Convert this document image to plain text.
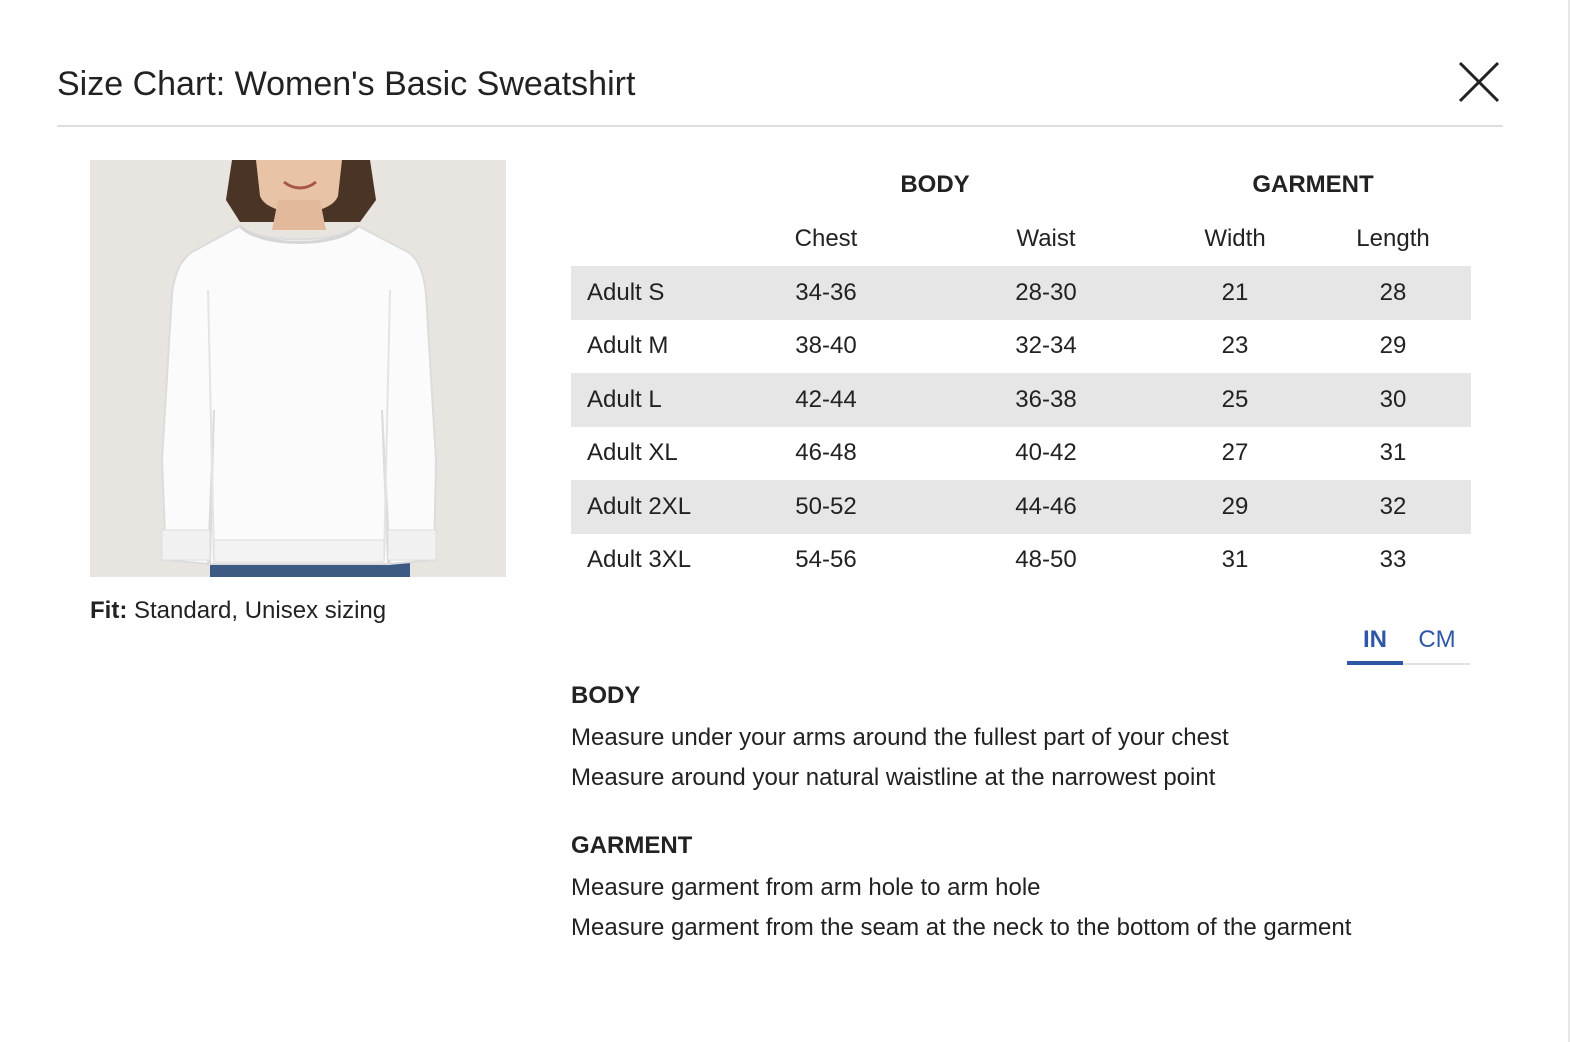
Size Chart: Women's Basic Sweatshirt
Fit: Standard, Unisex sizing
BODY	GARMENT
Chest	Waist	Width	Length
Adult S	34-36	28-30	21	28
Adult M	38-40	32-34	23	29
Adult L	42-44	36-38	25	30
Adult XL	46-48	40-42	27	31
Adult 2XL	50-52	44-46	29	32
Adult 3XL	54-56	48-50	31	33
IN	CM
BODY
Measure under your arms around the fullest part of your chest
Measure around your natural waistline at the narrowest point
GARMENT
Measure garment from arm hole to arm hole
Measure garment from the seam at the neck to the bottom of the garment
